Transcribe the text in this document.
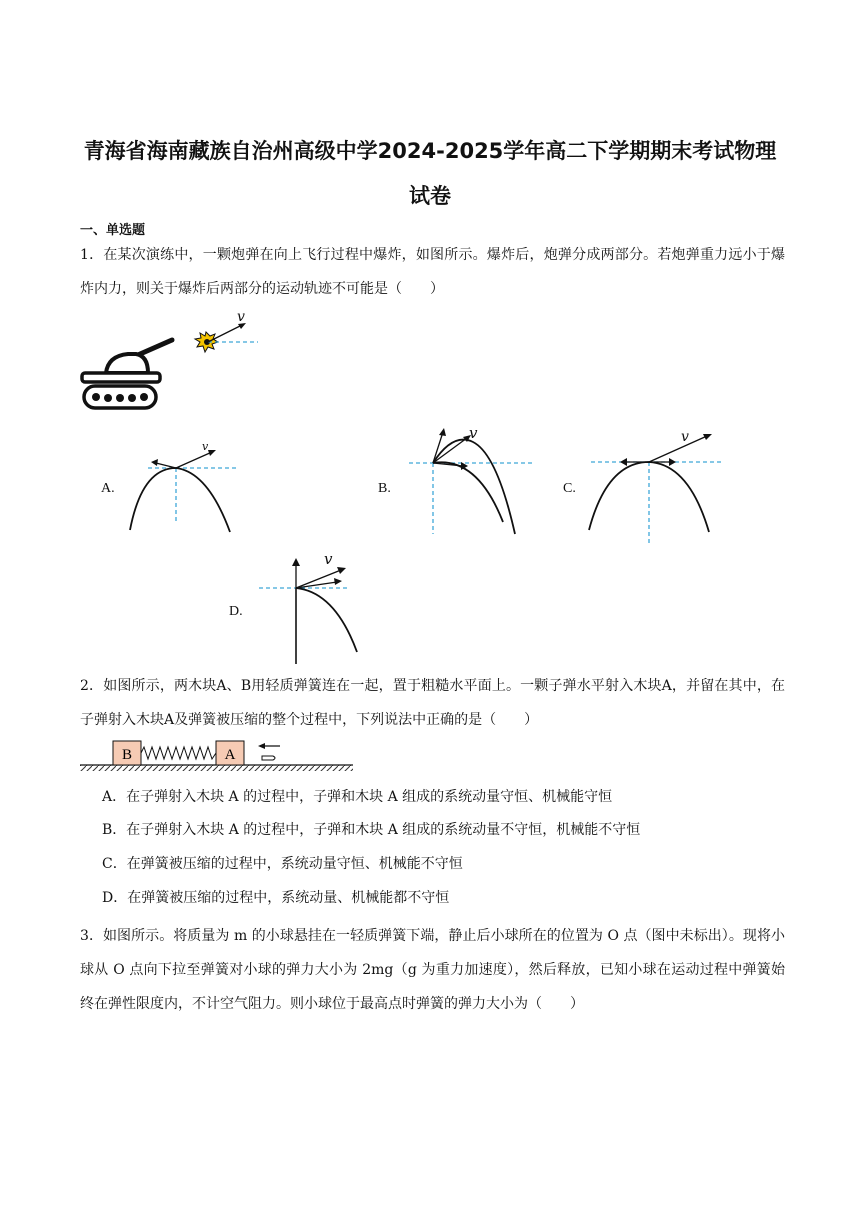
青海省海南藏族自治州高级中学2024-2025学年高二下学期期末考试物理
试卷
一、单选题
1．在某次演练中，一颗炮弹在向上飞行过程中爆炸，如图所示。爆炸后，炮弹分成两部分。若炮弹重力远小于爆炸内力，则关于爆炸后两部分的运动轨迹不可能是（　　）
v
A.
v
B.
v
C.
v
D.
v
2．如图所示，两木块A、B用轻质弹簧连在一起，置于粗糙水平面上。一颗子弹水平射入木块A，并留在其中，在子弹射入木块A及弹簧被压缩的整个过程中，下列说法中正确的是（　　）
B	A
A．在子弹射入木块 A 的过程中，子弹和木块 A 组成的系统动量守恒、机械能守恒
B．在子弹射入木块 A 的过程中，子弹和木块 A 组成的系统动量不守恒，机械能不守恒
C．在弹簧被压缩的过程中，系统动量守恒、机械能不守恒
D．在弹簧被压缩的过程中，系统动量、机械能都不守恒
3．如图所示。将质量为 m 的小球悬挂在一轻质弹簧下端，静止后小球所在的位置为 O 点（图中未标出）。现将小球从 O 点向下拉至弹簧对小球的弹力大小为 2mg（g 为重力加速度），然后释放，已知小球在运动过程中弹簧始终在弹性限度内，不计空气阻力。则小球位于最高点时弹簧的弹力大小为（　　）
